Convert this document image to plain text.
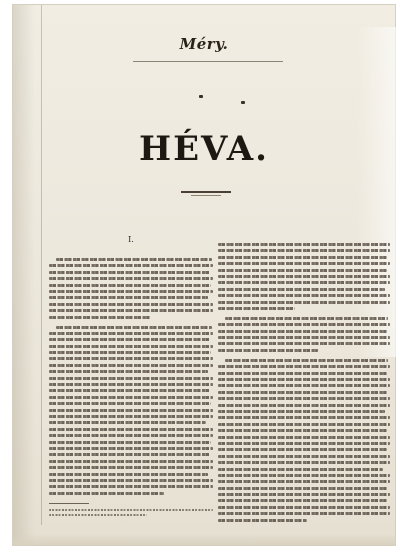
Méry.
HÉVA.
I.
